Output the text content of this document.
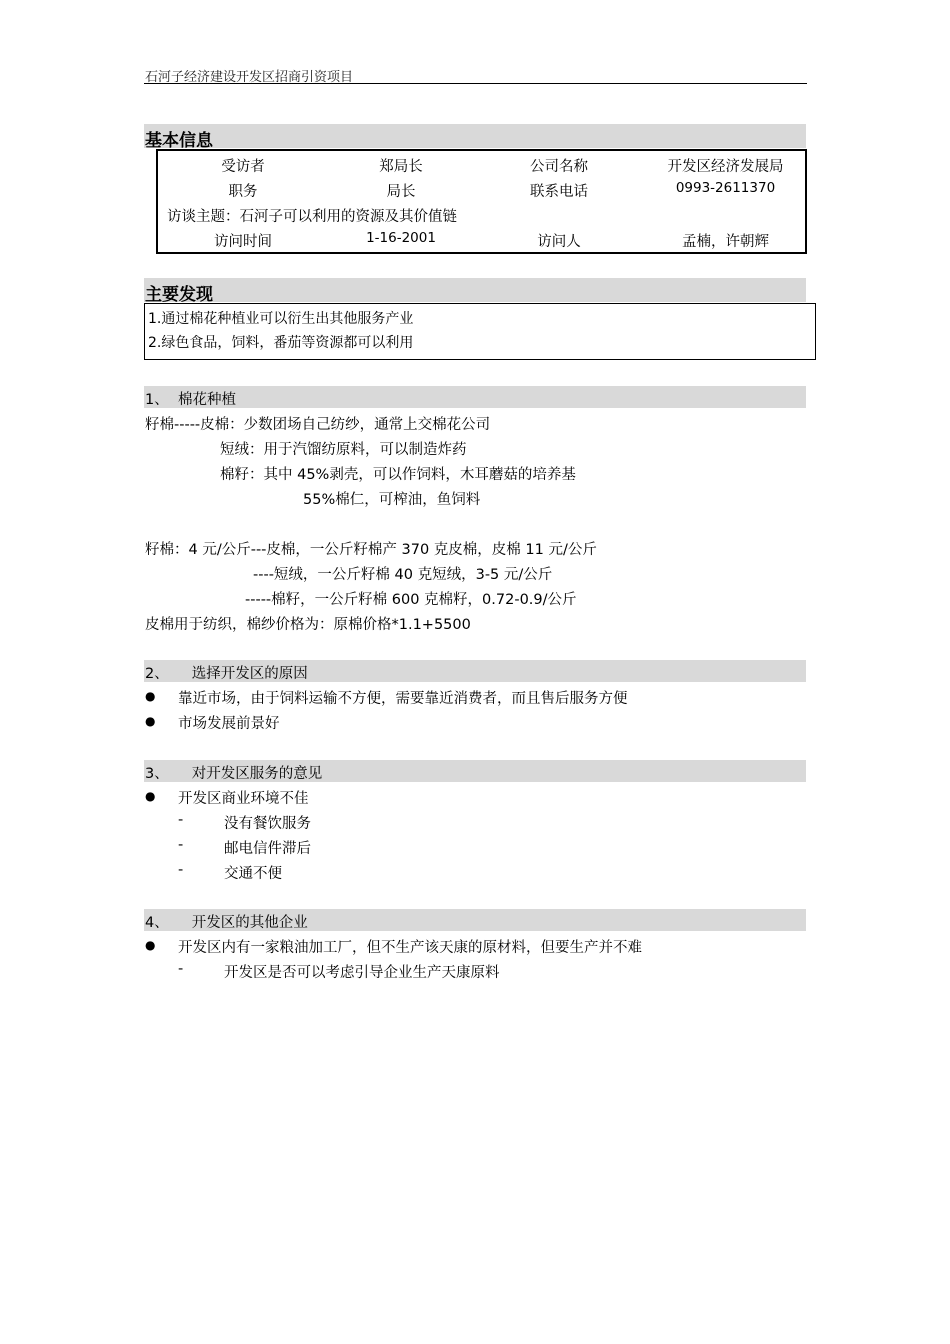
石河子经济建设开发区招商引资项目
基本信息
受访者	郑局长	公司名称	开发区经济发展局
职务	局长	联系电话	0993-2611370
访谈主题：石河子可以利用的资源及其价值链
访问时间	1-16-2001	访问人	孟楠，许朝辉
主要发现
1.通过棉花种植业可以衍生出其他服务产业
2.绿色食品，饲料，番茄等资源都可以利用
1、  棉花种植
籽棉-----皮棉：少数团场自己纺纱，通常上交棉花公司
短绒：用于汽馏纺原料，可以制造炸药
棉籽：其中 45%剥壳，可以作饲料，木耳蘑菇的培养基
55%棉仁，可榨油，鱼饲料
籽棉：4 元/公斤---皮棉，一公斤籽棉产 370 克皮棉，皮棉 11 元/公斤
----短绒，一公斤籽棉 40 克短绒，3-5 元/公斤
-----棉籽，一公斤籽棉 600 克棉籽，0.72-0.9/公斤
皮棉用于纺织，棉纱价格为：原棉价格*1.1+5500
2、     选择开发区的原因
● 靠近市场，由于饲料运输不方便，需要靠近消费者，而且售后服务方便
● 市场发展前景好
3、     对开发区服务的意见
● 开发区商业环境不佳
-	没有餐饮服务
-	邮电信件滞后
-	交通不便
4、     开发区的其他企业
● 开发区内有一家粮油加工厂，但不生产该天康的原材料，但要生产并不难
-	开发区是否可以考虑引导企业生产天康原料
